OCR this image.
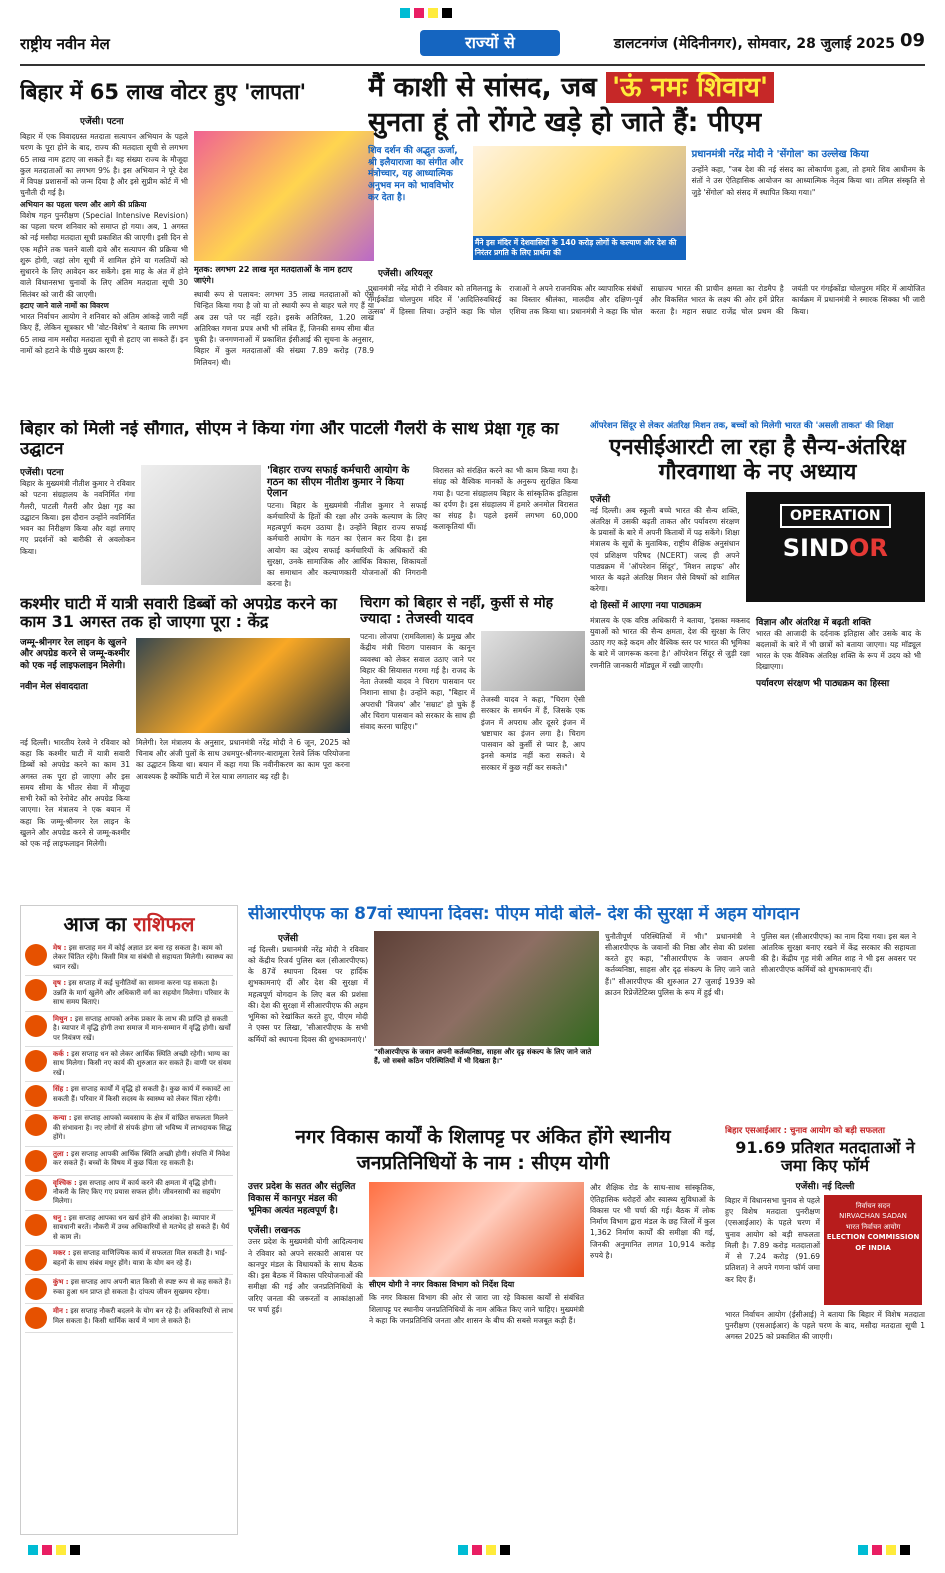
राष्ट्रीय नवीन मेल	राज्यों से	डालटनगंज (मेदिनीनगर), सोमवार, 28 जुलाई 2025 09
बिहार में 65 लाख वोटर हुए 'लापता'
एजेंसी। पटना

बिहार में एक विवादग्रस्त मतदाता सत्यापन अभियान के पहले चरण के पूरा होने के बाद, राज्य की मतदाता सूची से लगभग 65 लाख नाम हटाए जा सकते हैं। यह संख्या राज्य के मौजूदा कुल मतदाताओं का लगभग 9% है। इस अभियान ने पूरे देश में विपक्ष प्रशासनों को जन्म दिया है और इसे सुप्रीम कोर्ट में भी चुनौती दी गई है।

अभियान का पहला चरण और आगे की प्रक्रिया

विशेष गहन पुनरीक्षण (Special Intensive Revision) का पहला चरण शनिवार को समाप्त हो गया। अब, 1 अगस्त को नई मसौदा मतदाता सूची प्रकाशित की जाएगी। इसी दिन से एक महीने तक चलने वाली दावे और सत्यापन की प्रक्रिया भी शुरू होगी, जहां लोग सूची में शामिल होने या गलतियों को सुधारने के लिए आवेदन कर सकेंगे। इस माह के अंत में होने वाले विधानसभा चुनावों के लिए अंतिम मतदाता सूची 30 सितंबर को जारी की जाएगी।

हटाए जाने वाले नामों का विवरण

भारत निर्वाचन आयोग ने शनिवार को अंतिम आंकड़े जारी नहीं किए हैं, लेकिन सूत्रकार भी 'वोट-विशेष' ने बताया कि लगभग 65 लाख नाम मसौदा मतदाता सूची से हटाए जा सकते हैं। इन नामों को हटाने के पीछे मुख्य कारण हैं:

मृतक: लगभग 22 लाख मृत मतदाताओं के नाम हटाए जाएंगे।
स्थायी रूप से पलायन: लगभग 35 लाख मतदाताओं को ऐसे चिन्हित किया गया है जो या तो स्थायी रूप से बाहर चले गए हैं या अब उस पते पर नहीं रहते। इसके अतिरिक्त, 1.20 लाख अतिरिक्त गणना प्रपत्र अभी भी लंबित हैं, जिनकी समय सीमा बीत चुकी है। जनगणनाओं में प्रकाशित ईसीआई की सूचना के अनुसार, बिहार में कुल मतदाताओं की संख्या 7.89 करोड़ (78.9 मिलियन) थी।
मैं काशी से सांसद, जब 'ऊं नमः शिवाय'
सुनता हूं तो रोंगटे खड़े हो जाते हैं: पीएम
शिव दर्शन की अद्भुत ऊर्जा, श्री इलैयाराजा का संगीत और मंत्रोच्चार, यह आध्यात्मिक अनुभव मन को भावविभोर कर देता है।
मैंने इस मंदिर में देशवासियों के 140 करोड़ लोगों के कल्याण और देश की निरंतर प्रगति के लिए प्रार्थना की
प्रधानमंत्री नरेंद्र मोदी ने 'सेंगोल' का उल्लेख किया
उन्होंने कहा, "जब देश की नई संसद का लोकार्पण हुआ, तो हमारे शिव आधीनम के संतों ने उस ऐतिहासिक आयोजन का आध्यात्मिक नेतृत्व किया था। तमिल संस्कृति से जुड़े 'सेंगोल' को संसद में स्थापित किया गया।"
एजेंसी। अरियलूर
प्रधानमंत्री नरेंद्र मोदी ने रविवार को तमिलनाडु के गंगईकोंडा चोलपुरम मंदिर में 'आदितिरुवधिरई उत्सव' में हिस्सा लिया। उन्होंने कहा कि चोल राजाओं ने अपने राजनयिक और व्यापारिक संबंधों का विस्तार श्रीलंका, मालदीव और दक्षिण-पूर्व एशिया तक किया था। प्रधानमंत्री ने कहा कि चोल साम्राज्य भारत की प्राचीन क्षमता का रोडमैप है और विकसित भारत के लक्ष्य की ओर हमें प्रेरित करता है। महान सम्राट राजेंद्र चोल प्रथम की जयंती पर गंगईकोंडा चोलपुरम मंदिर में आयोजित कार्यक्रम में प्रधानमंत्री ने स्मारक सिक्का भी जारी किया।
बिहार को मिली नई सौगात, सीएम ने किया गंगा और पाटली गैलरी के साथ प्रेक्षा गृह का उद्घाटन
एजेंसी। पटना
बिहार के मुख्यमंत्री नीतीश कुमार ने रविवार को पटना संग्रहालय के नवनिर्मित गंगा गैलरी, पाटली गैलरी और प्रेक्षा गृह का उद्घाटन किया। इस दौरान उन्होंने नवनिर्मित भवन का निरीक्षण किया और वहां लगाए गए प्रदर्शनों को बारीकी से अवलोकन किया।
'बिहार राज्य सफाई कर्मचारी आयोग के गठन का सीएम नीतीश कुमार ने किया ऐलान
पटना। बिहार के मुख्यमंत्री नीतीश कुमार ने सफाई कर्मचारियों के हितों की रक्षा और उनके कल्याण के लिए महत्वपूर्ण कदम उठाया है। उन्होंने बिहार राज्य सफाई कर्मचारी आयोग के गठन का ऐलान कर दिया है। इस आयोग का उद्देश्य सफाई कर्मचारियों के अधिकारों की सुरक्षा, उनके सामाजिक और आर्थिक विकास, शिकायतों का समाधान और कल्याणकारी योजनाओं की निगरानी करना है।
विरासत को संरक्षित करने का भी काम किया गया है। संग्रह को वैश्विक मानकों के अनुरूप सुरक्षित किया गया है। पटना संग्रहालय बिहार के सांस्कृतिक इतिहास का दर्पण है। इस संग्रहालय में हमारे अनमोल विरासत का संग्रह है। पहले इसमें लगभग 60,000 कलाकृतियां थीं।
ऑपरेशन सिंदूर से लेकर अंतरिक्ष मिशन तक, बच्चों को मिलेगी भारत की 'असली ताकत' की शिक्षा
एनसीईआरटी ला रहा है सैन्य-अंतरिक्ष गौरवगाथा के नए अध्याय
एजेंसी
नई दिल्ली। अब स्कूली बच्चे भारत की सैन्य शक्ति, अंतरिक्ष में उसकी बढ़ती ताकत और पर्यावरण संरक्षण के प्रयासों के बारे में अपनी किताबों में पढ़ सकेंगे। शिक्षा मंत्रालय के सूत्रों के मुताबिक, राष्ट्रीय शैक्षिक अनुसंधान एवं प्रशिक्षण परिषद (NCERT) जल्द ही अपने पाठ्यक्रम में 'ऑपरेशन सिंदूर', 'मिशन लाइफ' और भारत के बढ़ते अंतरिक्ष मिशन जैसे विषयों को शामिल करेगा।
दो हिस्सों में आएगा नया पाठ्यक्रम
OPERATION
SINDOR
मंत्रालय के एक वरिष्ठ अधिकारी ने बताया, 'इसका मकसद युवाओं को भारत की सैन्य क्षमता, देश की सुरक्षा के लिए उठाए गए कड़े कदम और वैश्विक स्तर पर भारत की भूमिका के बारे में जागरूक करना है।' ऑपरेशन सिंदूर से जुड़ी रक्षा रणनीति जानकारी मॉड्यूल में रखी जाएगी।
विज्ञान और अंतरिक्ष में बढ़ती शक्ति
भारत की आजादी के दर्दनाक इतिहास और उसके बाद के बदलावों के बारे में भी छात्रों को बताया जाएगा। यह मॉड्यूल भारत के एक वैश्विक अंतरिक्ष शक्ति के रूप में उदय को भी दिखाएगा।
पर्यावरण संरक्षण भी पाठ्यक्रम का हिस्सा
कश्मीर घाटी में यात्री सवारी डिब्बों को अपग्रेड करने का काम 31 अगस्त तक हो जाएगा पूरा : केंद्र
जम्मू-श्रीनगर रेल लाइन के खुलने और अपग्रेड करने से जम्मू-कश्मीर को एक नई लाइफलाइन मिलेगी।
नवीन मेल संवाददाता
नई दिल्ली। भारतीय रेलवे ने रविवार को कहा कि कश्मीर घाटी में यात्री सवारी डिब्बों को अपग्रेड करने का काम 31 अगस्त तक पूरा हो जाएगा और इस समय सीमा के भीतर सेवा में मौजूदा सभी रेकों को रेनोवेट और अपग्रेड किया जाएगा। रेल मंत्रालय ने एक बयान में कहा कि जम्मू-श्रीनगर रेल लाइन के खुलने और अपग्रेड करने से जम्मू-कश्मीर को एक नई लाइफलाइन मिलेगी।
मिलेगी। रेल मंत्रालय के अनुसार, प्रधानमंत्री नरेंद्र मोदी ने 6 जून, 2025 को चिनाब और अंजी पुलों के साथ उधमपुर-श्रीनगर-बारामूला रेलवे लिंक परियोजना का उद्घाटन किया था। बयान में कहा गया कि नवीनीकरण का काम पूरा करना आवश्यक है क्योंकि घाटी में रेल यात्रा लगातार बढ़ रही है।
चिराग को बिहार से नहीं, कुर्सी से मोह ज्यादा : तेजस्वी यादव
पटना। लोजपा (रामविलास) के प्रमुख और केंद्रीय मंत्री चिराग पासवान के कानून व्यवस्था को लेकर सवाल उठाए जाने पर बिहार की सियासत गरमा गई है। राजद के नेता तेजस्वी यादव ने चिराग पासवान पर निशाना साधा है। उन्होंने कहा, "बिहार में अपराधी 'विजय' और 'सम्राट' हो चुके हैं और चिराग पासवान को सरकार के साथ ही संवाद करना चाहिए।"
तेजस्वी यादव ने कहा, "चिराग ऐसी सरकार के समर्थन में हैं, जिसके एक इंजन में अपराध और दूसरे इंजन में भ्रष्टाचार का इंजन लगा है। चिराग पासवान को कुर्सी से प्यार है, आप इनसे कमांड नहीं करा सकते। ये सरकार में कुछ नहीं कर सकते।"
आज का राशिफल
मेष : इस सप्ताह मन में कोई अज्ञात डर बना रह सकता है। काम को लेकर चिंतित रहेंगे। किसी मित्र या संबंधी से सहायता मिलेगी। स्वास्थ्य का ध्यान रखें।
वृष : इस सप्ताह में कई चुनौतियों का सामना करना पड़ सकता है। उन्नति के मार्ग खुलेंगे और अधिकारी वर्ग का सहयोग मिलेगा। परिवार के साथ समय बिताएं।
मिथुन : इस सप्ताह आपको अनेक प्रकार के लाभ की प्राप्ति हो सकती है। व्यापार में वृद्धि होगी तथा समाज में मान-सम्मान में वृद्धि होगी। खर्चों पर नियंत्रण रखें।
कर्क : इस सप्ताह धन को लेकर आर्थिक स्थिति अच्छी रहेगी। भाग्य का साथ मिलेगा। किसी नए कार्य की शुरुआत कर सकते हैं। वाणी पर संयम रखें।
सिंह : इस सप्ताह कार्यों में वृद्धि हो सकती है। कुछ कार्य में रुकावटें आ सकती हैं। परिवार में किसी सदस्य के स्वास्थ्य को लेकर चिंता रहेगी।
कन्या : इस सप्ताह आपको व्यवसाय के क्षेत्र में वांछित सफलता मिलने की संभावना है। नए लोगों से संपर्क होगा जो भविष्य में लाभदायक सिद्ध होंगे।
तुला : इस सप्ताह आपकी आर्थिक स्थिति अच्छी होगी। संपत्ति में निवेश कर सकते हैं। बच्चों के विषय में कुछ चिंता रह सकती है।
वृश्चिक : इस सप्ताह आप में कार्य करने की क्षमता में वृद्धि होगी। नौकरी के लिए किए गए प्रयास सफल होंगे। जीवनसाथी का सहयोग मिलेगा।
धनु : इस सप्ताह आपका धन खर्च होने की आशंका है। व्यापार में सावधानी बरतें। नौकरी में उच्च अधिकारियों से मतभेद हो सकते हैं। धैर्य से काम लें।
मकर : इस सप्ताह वाणिज्यिक कार्य में सफलता मिल सकती है। भाई-बहनों के साथ संबंध मधुर होंगे। यात्रा के योग बन रहे हैं।
कुंभ : इस सप्ताह आप अपनी बात किसी से स्पष्ट रूप से कह सकते हैं। रुका हुआ धन प्राप्त हो सकता है। दांपत्य जीवन सुखमय रहेगा।
मीन : इस सप्ताह नौकरी बदलने के योग बन रहे हैं। अधिकारियों से लाभ मिल सकता है। किसी धार्मिक कार्य में भाग ले सकते हैं।
सीआरपीएफ का 87वां स्थापना दिवस: पीएम मोदी बोले- देश की सुरक्षा में अहम योगदान
एजेंसी
नई दिल्ली। प्रधानमंत्री नरेंद्र मोदी ने रविवार को केंद्रीय रिजर्व पुलिस बल (सीआरपीएफ) के 87वें स्थापना दिवस पर हार्दिक शुभकामनाएं दीं और देश की सुरक्षा में महत्वपूर्ण योगदान के लिए बल की प्रशंसा की। देश की सुरक्षा में सीआरपीएफ की अहम भूमिका को रेखांकित करते हुए, पीएम मोदी ने एक्स पर लिखा, 'सीआरपीएफ के सभी कर्मियों को स्थापना दिवस की शुभकामनाएं।'
"सीआरपीएफ के जवान अपनी कर्तव्यनिष्ठा, साहस और दृढ़ संकल्प के लिए जाने जाते हैं, जो सबसे कठिन परिस्थितियों में भी दिखता है।"
चुनौतीपूर्ण परिस्थितियों में भी।" प्रधानमंत्री ने सीआरपीएफ के जवानों की निष्ठा और सेवा की प्रशंसा करते हुए कहा, "सीआरपीएफ के जवान अपनी कर्तव्यनिष्ठा, साहस और दृढ़ संकल्प के लिए जाने जाते हैं।" सीआरपीएफ की शुरुआत 27 जुलाई 1939 को क्राउन रिप्रेजेंटेटिव्स पुलिस के रूप में हुई थी।
पुलिस बल (सीआरपीएफ) का नाम दिया गया। इस बल ने आंतरिक सुरक्षा बनाए रखने में केंद्र सरकार की सहायता की है। केंद्रीय गृह मंत्री अमित शाह ने भी इस अवसर पर सीआरपीएफ कर्मियों को शुभकामनाएं दीं।
नगर विकास कार्यों के शिलापट्ट पर अंकित होंगे स्थानीय जनप्रतिनिधियों के नाम : सीएम योगी
उत्तर प्रदेश के सतत और संतुलित विकास में कानपुर मंडल की भूमिका अत्यंत महत्वपूर्ण है।
एजेंसी। लखनऊ
उत्तर प्रदेश के मुख्यमंत्री योगी आदित्यनाथ ने रविवार को अपने सरकारी आवास पर कानपुर मंडल के विधायकों के साथ बैठक की। इस बैठक में विकास परियोजनाओं की समीक्षा की गई और जनप्रतिनिधियों के जरिए जनता की जरूरतों व आकांक्षाओं पर चर्चा हुई।
सीएम योगी ने नगर विकास विभाग को निर्देश दिया
कि नगर विकास विभाग की ओर से जारा जा रहे विकास कार्यों से संबंधित शिलापट्ट पर स्थानीय जनप्रतिनिधियों के नाम अंकित किए जाने चाहिए। मुख्यमंत्री ने कहा कि जनप्रतिनिधि जनता और शासन के बीच की सबसे मजबूत कड़ी हैं।
और शैक्षिक रोड के साथ-साथ सांस्कृतिक, ऐतिहासिक धरोहरों और स्वास्थ्य सुविधाओं के विकास पर भी चर्चा की गई। बैठक में लोक निर्माण विभाग द्वारा मंडल के छह जिलों में कुल 1,362 निर्माण कार्यों की समीक्षा की गई, जिनकी अनुमानित लागत 10,914 करोड़ रुपये है।
बिहार एसआईआर : चुनाव आयोग को बड़ी सफलता
91.69 प्रतिशत मतदाताओं ने जमा किए फॉर्म
एजेंसी। नई दिल्ली
बिहार में विधानसभा चुनाव से पहले हुए विशेष मतदाता पुनरीक्षण (एसआईआर) के पहले चरण में चुनाव आयोग को बड़ी सफलता मिली है। 7.89 करोड़ मतदाताओं में से 7.24 करोड़ (91.69 प्रतिशत) ने अपने गणना फॉर्म जमा कर दिए हैं।
निर्वाचन सदन
NIRVACHAN SADAN
भारत निर्वाचन आयोग
ELECTION COMMISSION OF INDIA
भारत निर्वाचन आयोग (ईसीआई) ने बताया कि बिहार में विशेष मतदाता पुनरीक्षण (एसआईआर) के पहले चरण के बाद, मसौदा मतदाता सूची 1 अगस्त 2025 को प्रकाशित की जाएगी।
